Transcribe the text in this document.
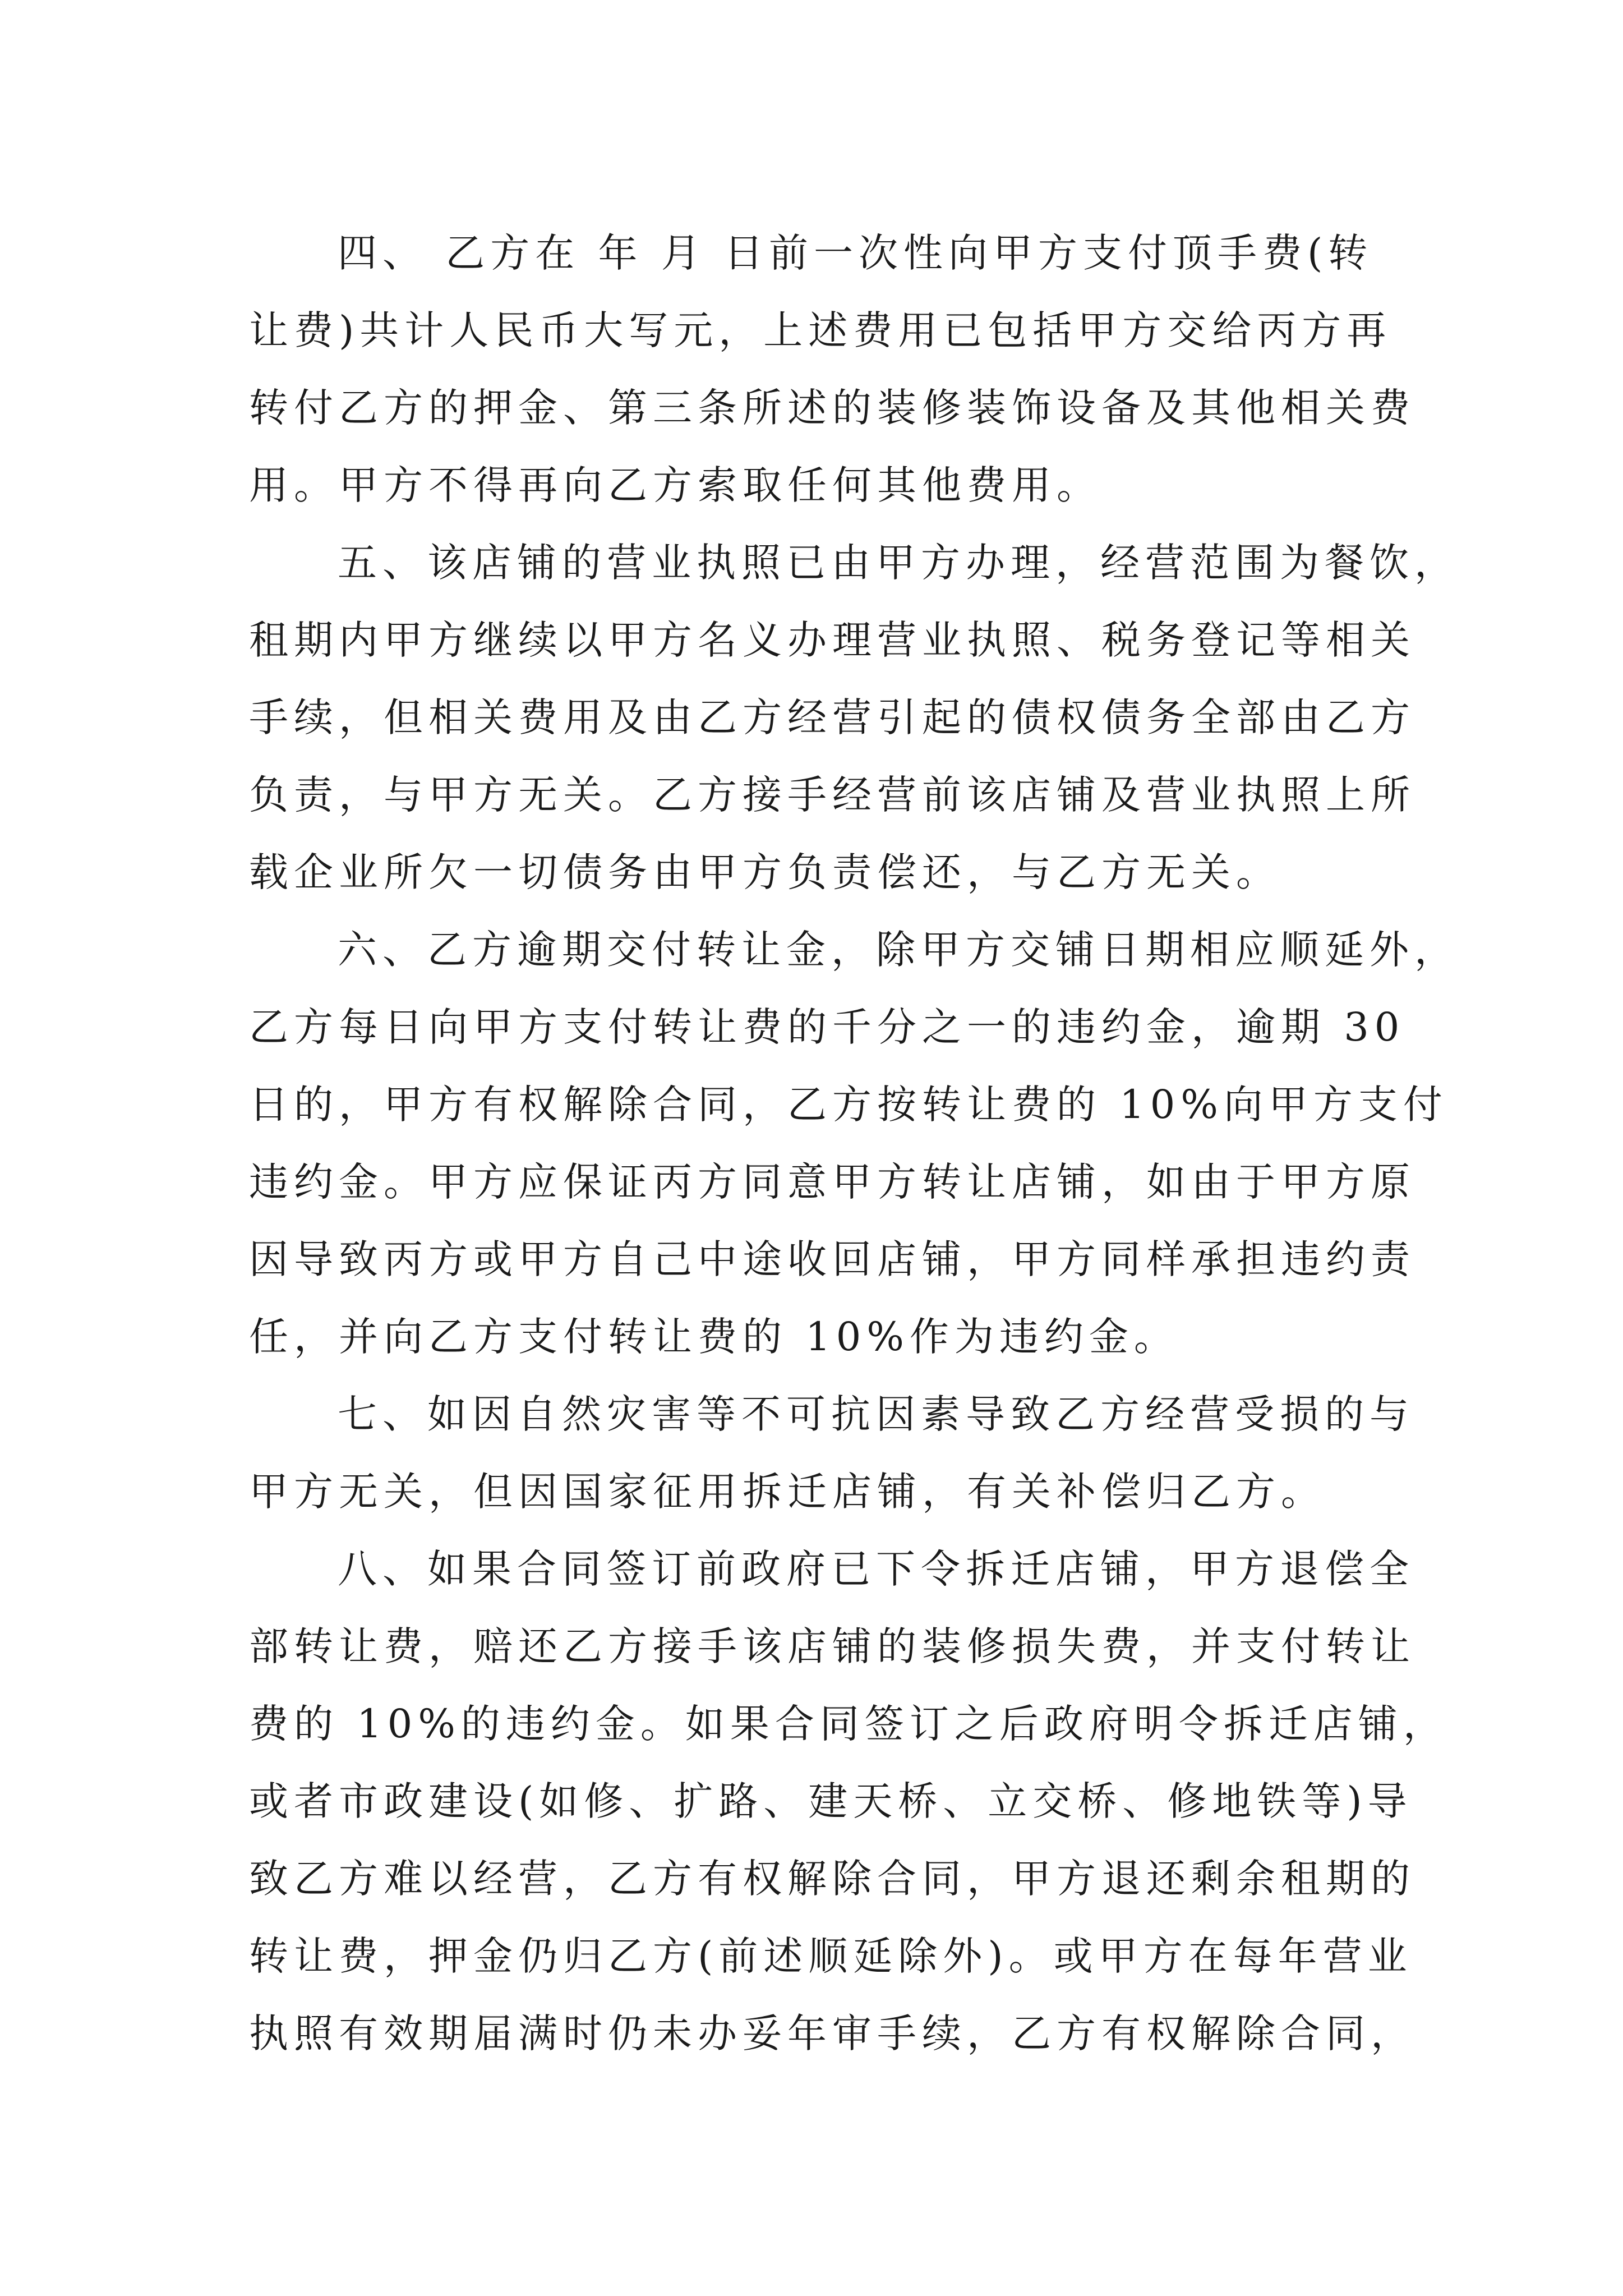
四、 乙方在 年 月 日前一次性向甲方支付顶手费(转
让费)共计人民币大写元，上述费用已包括甲方交给丙方再
转付乙方的押金、第三条所述的装修装饰设备及其他相关费
用。甲方不得再向乙方索取任何其他费用。
五、该店铺的营业执照已由甲方办理，经营范围为餐饮，
租期内甲方继续以甲方名义办理营业执照、税务登记等相关
手续，但相关费用及由乙方经营引起的债权债务全部由乙方
负责，与甲方无关。乙方接手经营前该店铺及营业执照上所
载企业所欠一切债务由甲方负责偿还，与乙方无关。
六、乙方逾期交付转让金，除甲方交铺日期相应顺延外，
乙方每日向甲方支付转让费的千分之一的违约金，逾期 30
日的，甲方有权解除合同，乙方按转让费的 10%向甲方支付
违约金。甲方应保证丙方同意甲方转让店铺，如由于甲方原
因导致丙方或甲方自己中途收回店铺，甲方同样承担违约责
任，并向乙方支付转让费的 10%作为违约金。
七、如因自然灾害等不可抗因素导致乙方经营受损的与
甲方无关，但因国家征用拆迁店铺，有关补偿归乙方。
八、如果合同签订前政府已下令拆迁店铺，甲方退偿全
部转让费，赔还乙方接手该店铺的装修损失费，并支付转让
费的 10%的违约金。如果合同签订之后政府明令拆迁店铺，
或者市政建设(如修、扩路、建天桥、立交桥、修地铁等)导
致乙方难以经营，乙方有权解除合同，甲方退还剩余租期的
转让费，押金仍归乙方(前述顺延除外)。或甲方在每年营业
执照有效期届满时仍未办妥年审手续，乙方有权解除合同，
